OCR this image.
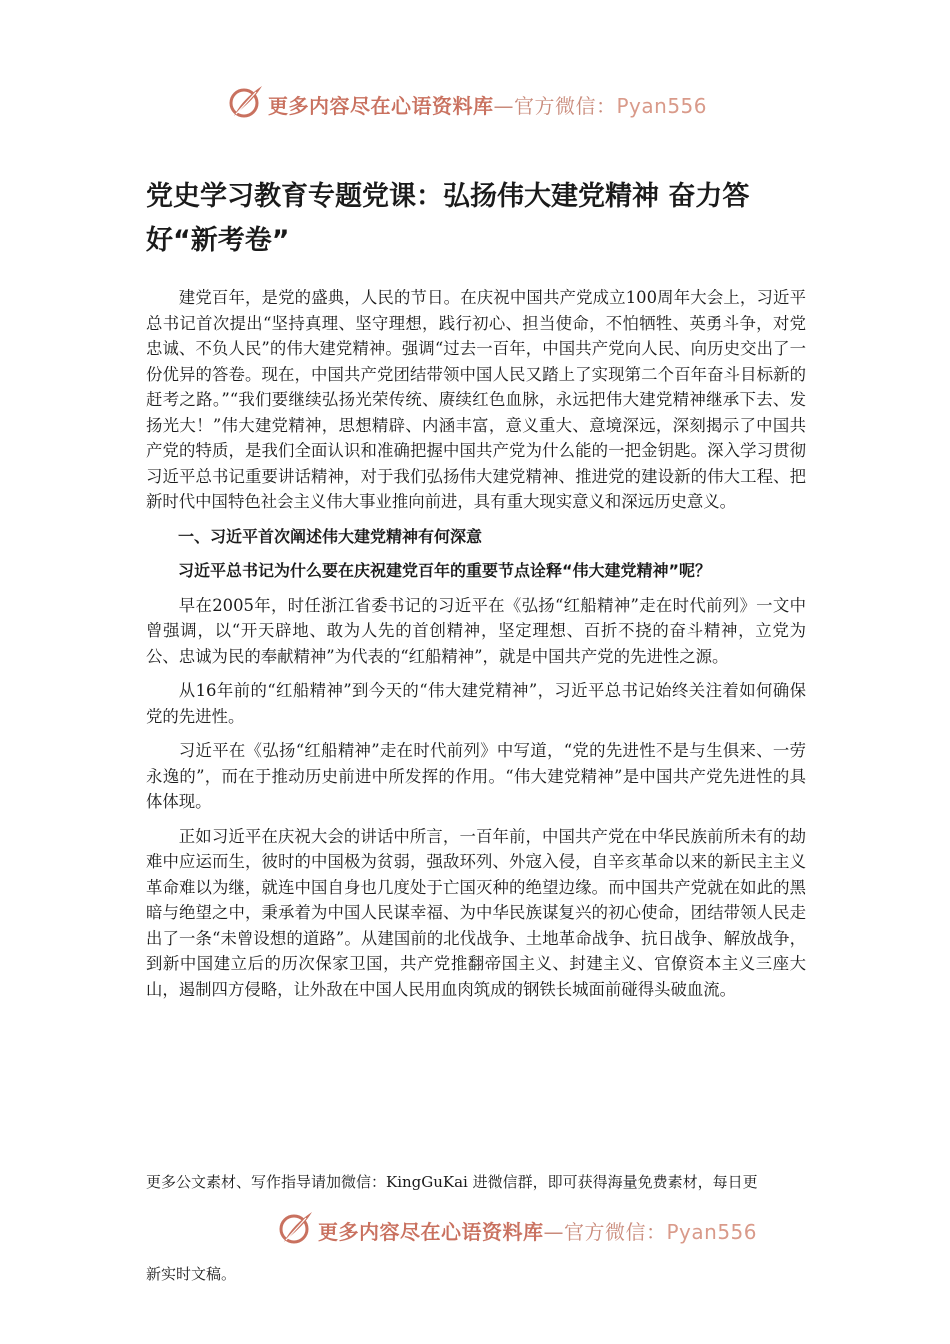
更多内容尽在心语资料库—官方微信：Pyan556
党史学习教育专题党课：弘扬伟大建党精神 奋力答好“新考卷”

建党百年，是党的盛典，人民的节日。在庆祝中国共产党成立100周年大会上，习近平总书记首次提出“坚持真理、坚守理想，践行初心、担当使命，不怕牺牲、英勇斗争，对党忠诚、不负人民”的伟大建党精神。强调“过去一百年，中国共产党向人民、向历史交出了一份优异的答卷。现在，中国共产党团结带领中国人民又踏上了实现第二个百年奋斗目标新的赶考之路。”“我们要继续弘扬光荣传统、赓续红色血脉，永远把伟大建党精神继承下去、发扬光大！”伟大建党精神，思想精辟、内涵丰富，意义重大、意境深远，深刻揭示了中国共产党的特质，是我们全面认识和准确把握中国共产党为什么能的一把金钥匙。深入学习贯彻习近平总书记重要讲话精神，对于我们弘扬伟大建党精神、推进党的建设新的伟大工程、把新时代中国特色社会主义伟大事业推向前进，具有重大现实意义和深远历史意义。

一、习近平首次阐述伟大建党精神有何深意

习近平总书记为什么要在庆祝建党百年的重要节点诠释“伟大建党精神”呢？

早在2005年，时任浙江省委书记的习近平在《弘扬“红船精神”走在时代前列》一文中曾强调，以“开天辟地、敢为人先的首创精神，坚定理想、百折不挠的奋斗精神，立党为公、忠诚为民的奉献精神”为代表的“红船精神”，就是中国共产党的先进性之源。

从16年前的“红船精神”到今天的“伟大建党精神”，习近平总书记始终关注着如何确保党的先进性。

习近平在《弘扬“红船精神”走在时代前列》中写道，“党的先进性不是与生俱来、一劳永逸的”，而在于推动历史前进中所发挥的作用。“伟大建党精神”是中国共产党先进性的具体体现。

正如习近平在庆祝大会的讲话中所言，一百年前，中国共产党在中华民族前所未有的劫难中应运而生，彼时的中国极为贫弱，强敌环列、外寇入侵，自辛亥革命以来的新民主主义革命难以为继，就连中国自身也几度处于亡国灭种的绝望边缘。而中国共产党就在如此的黑暗与绝望之中，秉承着为中国人民谋幸福、为中华民族谋复兴的初心使命，团结带领人民走出了一条“未曾设想的道路”。从建国前的北伐战争、土地革命战争、抗日战争、解放战争，到新中国建立后的历次保家卫国，共产党推翻帝国主义、封建主义、官僚资本主义三座大山，遏制四方侵略，让外敌在中国人民用血肉筑成的钢铁长城面前碰得头破血流。

更多公文素材、写作指导请加微信：KingGuKai 进微信群，即可获得海量免费素材，每日更

更多内容尽在心语资料库—官方微信：Pyan556

新实时文稿。
